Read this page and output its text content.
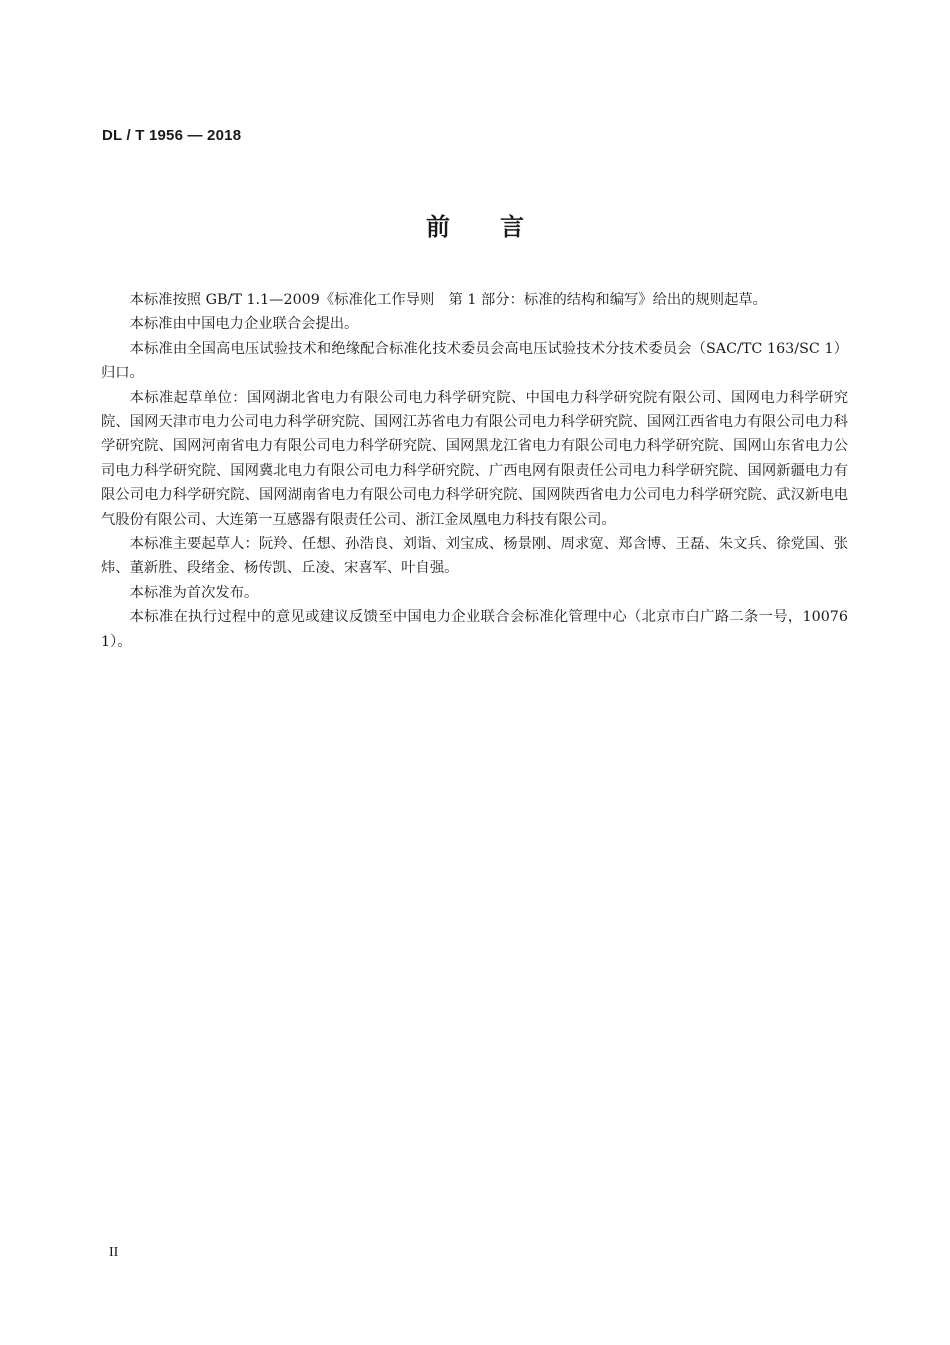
DL / T 1956 — 2018
前言

本标准按照 GB/T 1.1—2009《标准化工作导则　第 1 部分：标准的结构和编写》给出的规则起草。

本标准由中国电力企业联合会提出。

本标准由全国高电压试验技术和绝缘配合标准化技术委员会高电压试验技术分技术委员会（SAC/TC 163/SC 1）归口。

本标准起草单位：国网湖北省电力有限公司电力科学研究院、中国电力科学研究院有限公司、国网电力科学研究院、国网天津市电力公司电力科学研究院、国网江苏省电力有限公司电力科学研究院、国网江西省电力有限公司电力科学研究院、国网河南省电力有限公司电力科学研究院、国网黑龙江省电力有限公司电力科学研究院、国网山东省电力公司电力科学研究院、国网冀北电力有限公司电力科学研究院、广西电网有限责任公司电力科学研究院、国网新疆电力有限公司电力科学研究院、国网湖南省电力有限公司电力科学研究院、国网陕西省电力公司电力科学研究院、武汉新电电气股份有限公司、大连第一互感器有限责任公司、浙江金凤凰电力科技有限公司。

本标准主要起草人：阮羚、任想、孙浩良、刘诣、刘宝成、杨景刚、周求宽、郑含博、王磊、朱文兵、徐党国、张炜、董新胜、段绪金、杨传凯、丘凌、宋喜军、叶自强。

本标准为首次发布。

本标准在执行过程中的意见或建议反馈至中国电力企业联合会标准化管理中心（北京市白广路二条一号，100761）。

II
